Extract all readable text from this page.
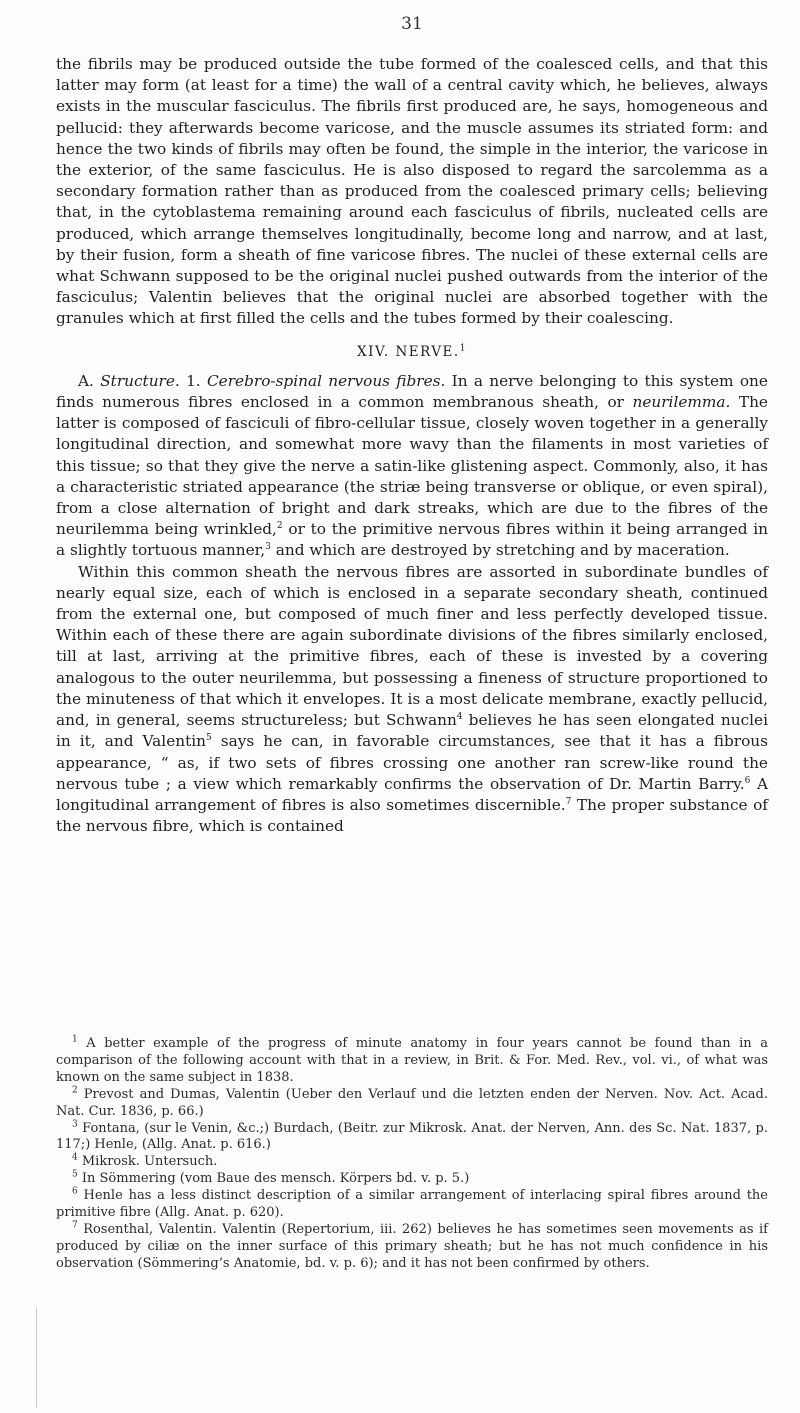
31

the fibrils may be produced outside the tube formed of the coalesced cells, and that this latter may form (at least for a time) the wall of a central cavity which, he believes, always exists in the muscular fasciculus. The fibrils first produced are, he says, homogeneous and pellucid: they afterwards become varicose, and the muscle assumes its striated form: and hence the two kinds of fibrils may often be found, the simple in the interior, the varicose in the exterior, of the same fasciculus. He is also disposed to regard the sarcolemma as a secondary formation rather than as produced from the coalesced primary cells; believing that, in the cytoblastema remaining around each fasciculus of fibrils, nucleated cells are produced, which arrange themselves longitudinally, become long and narrow, and at last, by their fusion, form a sheath of fine varicose fibres. The nuclei of these external cells are what Schwann supposed to be the original nuclei pushed outwards from the interior of the fasciculus; Valentin believes that the original nuclei are absorbed together with the granules which at first filled the cells and the tubes formed by their coalescing.

XIV. NERVE.$^1$

A. Structure. 1. Cerebro-spinal nervous fibres. In a nerve belonging to this system one finds numerous fibres enclosed in a common membranous sheath, or neurilemma. The latter is composed of fasciculi of fibro-cellular tissue, closely woven together in a generally longitudinal direction, and somewhat more wavy than the filaments in most varieties of this tissue; so that they give the nerve a satin-like glistening aspect. Commonly, also, it has a characteristic striated appearance (the striæ being transverse or oblique, or even spiral), from a close alternation of bright and dark streaks, which are due to the fibres of the neurilemma being wrinkled,$^2$ or to the primitive nervous fibres within it being arranged in a slightly tortuous manner,$^3$ and which are destroyed by stretching and by maceration.

Within this common sheath the nervous fibres are assorted in subordinate bundles of nearly equal size, each of which is enclosed in a separate secondary sheath, continued from the external one, but composed of much finer and less perfectly developed tissue. Within each of these there are again subordinate divisions of the fibres similarly enclosed, till at last, arriving at the primitive fibres, each of these is invested by a covering analogous to the outer neurilemma, but possessing a fineness of structure proportioned to the minuteness of that which it envelopes. It is a most delicate membrane, exactly pellucid, and, in general, seems structureless; but Schwann$^4$ believes he has seen elongated nuclei in it, and Valentin$^5$ says he can, in favorable circumstances, see that it has a fibrous appearance, “ as, if two sets of fibres crossing one another ran screw-like round the nervous tube ; a view which remarkably confirms the observation of Dr. Martin Barry.$^6$ A longitudinal arrangement of fibres is also sometimes discernible.$^7$ The proper substance of the nervous fibre, which is contained

$^1$ A better example of the progress of minute anatomy in four years cannot be found than in a comparison of the following account with that in a review, in Brit. & For. Med. Rev., vol. vi., of what was known on the same subject in 1838.

$^2$ Prevost and Dumas, Valentin (Ueber den Verlauf und die letzten enden der Nerven. Nov. Act. Acad. Nat. Cur. 1836, p. 66.)

$^3$ Fontana, (sur le Venin, &c.;) Burdach, (Beitr. zur Mikrosk. Anat. der Nerven, Ann. des Sc. Nat. 1837, p. 117;) Henle, (Allg. Anat. p. 616.)

$^4$ Mikrosk. Untersuch.

$^5$ In Sömmering (vom Baue des mensch. Körpers bd. v. p. 5.)

$^6$ Henle has a less distinct description of a similar arrangement of interlacing spiral fibres around the primitive fibre (Allg. Anat. p. 620).

$^7$ Rosenthal, Valentin. Valentin (Repertorium, iii. 262) believes he has sometimes seen movements as if produced by ciliæ on the inner surface of this primary sheath; but he has not much confidence in his observation (Sömmering’s Anatomie, bd. v. p. 6); and it has not been confirmed by others.
